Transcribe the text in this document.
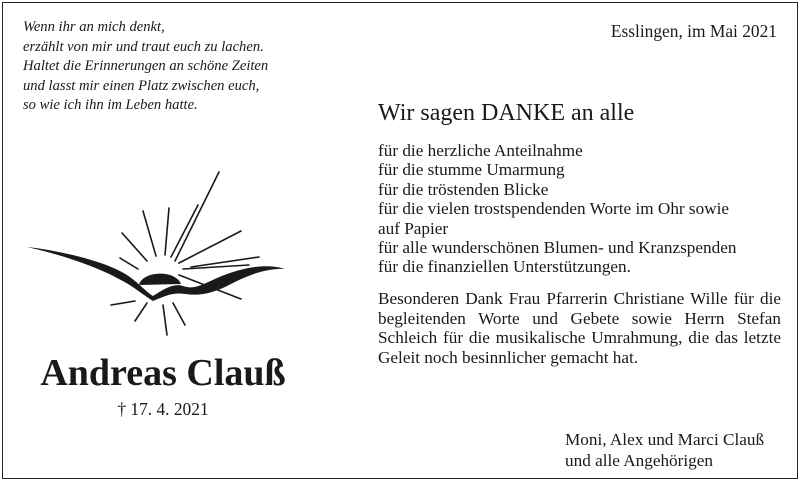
Wenn ihr an mich denkt,
erzählt von mir und traut euch zu lachen.
Haltet die Erinnerungen an schöne Zeiten
und lasst mir einen Platz zwischen euch,
so wie ich ihn im Leben hatte.
Esslingen, im Mai 2021
Wir sagen DANKE an alle
für die herzliche Anteilnahme
für die stumme Umarmung
für die tröstenden Blicke
für die vielen trostspendenden Worte im Ohr sowie
auf Papier
für alle wunderschönen Blumen- und Kranzspenden
für die finanziellen Unterstützungen.
Besonderen Dank Frau Pfarrerin Christiane Wille für die begleitenden Worte und Gebete sowie Herrn Stefan Schleich für die musikalische Umrahmung, die das letzte Geleit noch besinnlicher gemacht hat.
Andreas Clauß
† 17. 4. 2021
Moni, Alex und Marci Clauß
und alle Angehörigen
